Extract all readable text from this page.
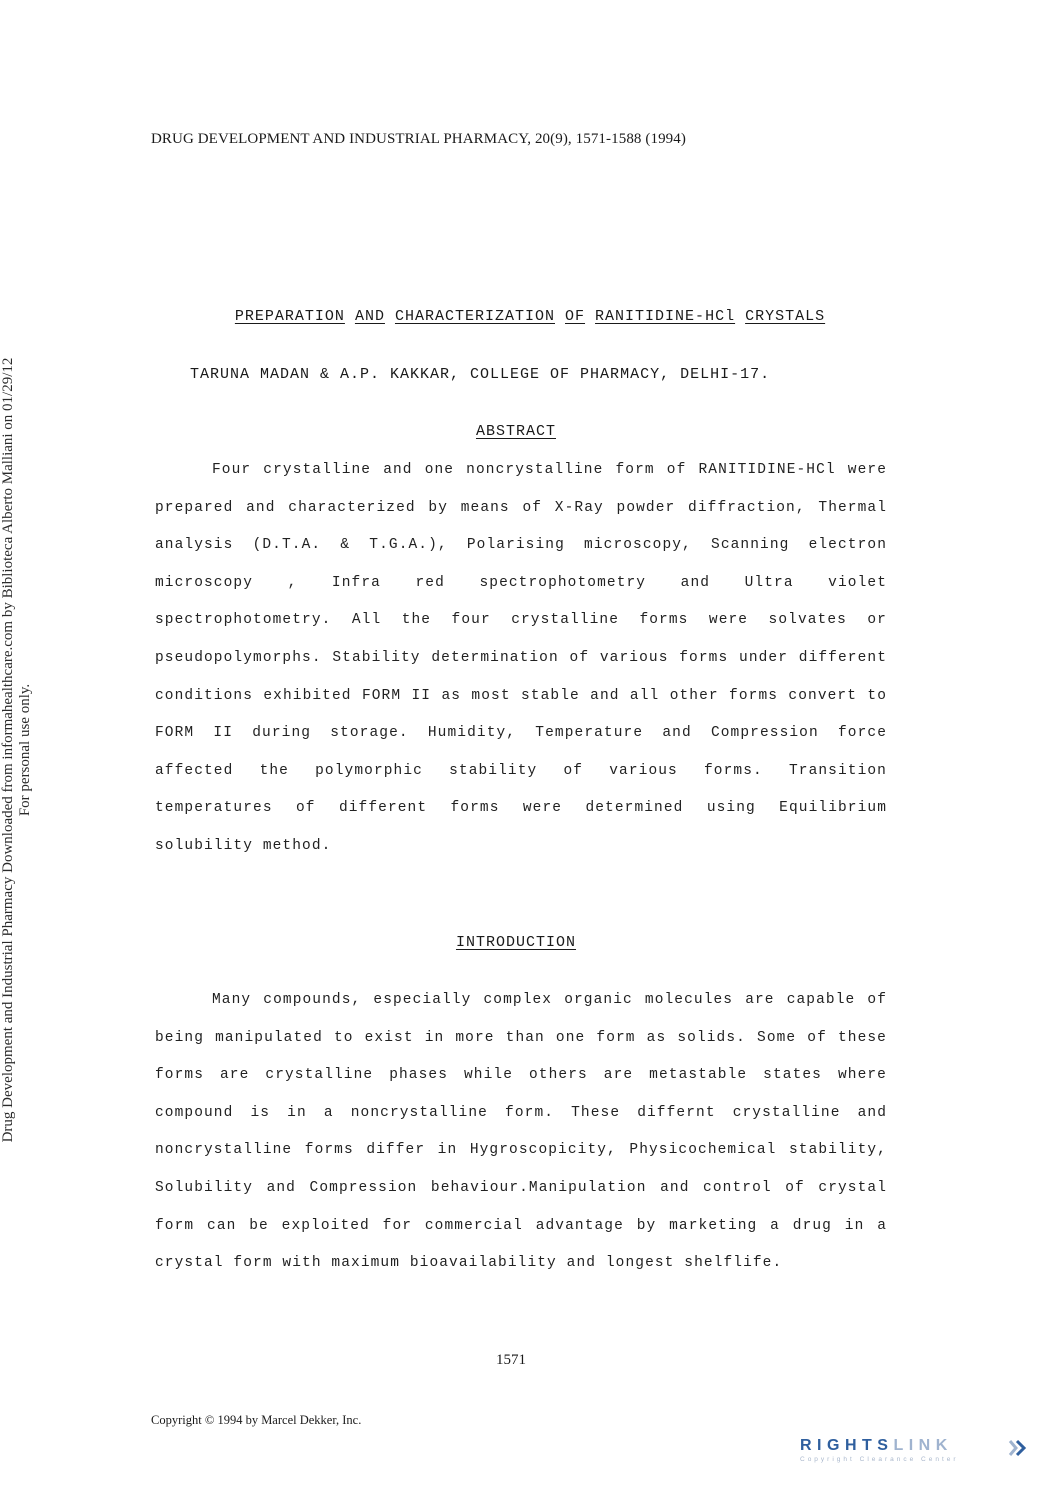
DRUG DEVELOPMENT AND INDUSTRIAL PHARMACY, 20(9), 1571-1588 (1994)
Drug Development and Industrial Pharmacy Downloaded from informahealthcare.com by Biblioteca Alberto Malliani on 01/29/12 For personal use only.
PREPARATION AND CHARACTERIZATION OF RANITIDINE-HCl CRYSTALS
TARUNA MADAN & A.P. KAKKAR, COLLEGE OF PHARMACY, DELHI-17.
ABSTRACT

Four crystalline and one noncrystalline form of RANITIDINE-HCl were prepared and characterized by means of X-Ray powder diffraction, Thermal analysis (D.T.A. & T.G.A.), Polarising microscopy, Scanning electron microscopy , Infra red spectrophotometry and Ultra violet spectrophotometry. All the four crystalline forms were solvates or pseudopolymorphs. Stability determination of various forms under different conditions exhibited FORM II as most stable and all other forms convert to FORM II during storage. Humidity, Temperature and Compression force affected the polymorphic stability of various forms. Transition temperatures of different forms were determined using Equilibrium solubility method.

INTRODUCTION

Many compounds, especially complex organic molecules are capable of being manipulated to exist in more than one form as solids. Some of these forms are crystalline phases while others are metastable states where compound is in a noncrystalline form. These differnt crystalline and noncrystalline forms differ in Hygroscopicity, Physicochemical stability, Solubility and Compression behaviour.Manipulation and control of crystal form can be exploited for commercial advantage by marketing a drug in a crystal form with maximum bioavailability and longest shelflife.

1571
Copyright © 1994 by Marcel Dekker, Inc.
RIGHTSLINK
Copyright Clearance Center
